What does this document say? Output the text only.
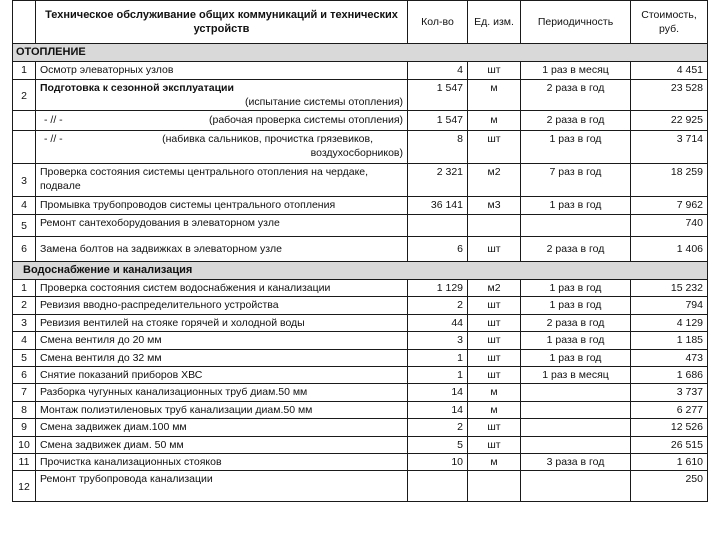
	Техническое обслуживание общих коммуникаций и технических устройств	Кол-во	Ед. изм.	Периодичность	Стоимость, руб.
ОТОПЛЕНИЕ					
1	Осмотр элеваторных узлов	4	шт	1 раз в месяц	4 451
2	Подготовка к сезонной эксплуатации
(испытание системы отопления)	1 547	м	2 раза в год	23 528

	- // - (рабочая проверка системы отопления)	1 547	м	2 раза в год	22 925

	- // - (набивка сальников, прочистка грязевиков,
воздухосборников)	8	шт	1 раз в год	3 714
3	Проверка состояния системы центрального отопления на чердаке,
подвале	2 321	м2	7 раз в год	18 259
4	Промывка трубопроводов системы центрального отопления	36 141	м3	1 раз в год	7 962
5	Ремонт сантехоборудования в элеваторном узле				740
6	Замена болтов на задвижках в элеваторном узле	6	шт	2 раза в год	1 406
Водоснабжение и канализация					
1	Проверка состояния систем водоснабжения и канализации	1 129	м2	1 раз в год	15 232
2	Ревизия вводно-распределительного устройства	2	шт	1 раз в год	794
3	Ревизия вентилей на стояке горячей и холодной воды	44	шт	2 раза в год	4 129
4	Смена вентиля до 20 мм	3	шт	1 раза в год	1 185
5	Смена вентиля до 32 мм	1	шт	1 раз в год	473
6	Снятие показаний приборов ХВС	1	шт	1 раз в месяц	1 686
7	Разборка чугунных канализационных труб диам.50 мм	14	м		3 737
8	Монтаж полиэтиленовых труб канализации диам.50 мм	14	м		6 277
9	Смена задвижек диам.100 мм	2	шт		12 526
10	Смена задвижек диам. 50 мм	5	шт		26 515
11	Прочистка канализационных стояков	10	м	3 раза в год	1 610
12	Ремонт трубопровода канализации				250
